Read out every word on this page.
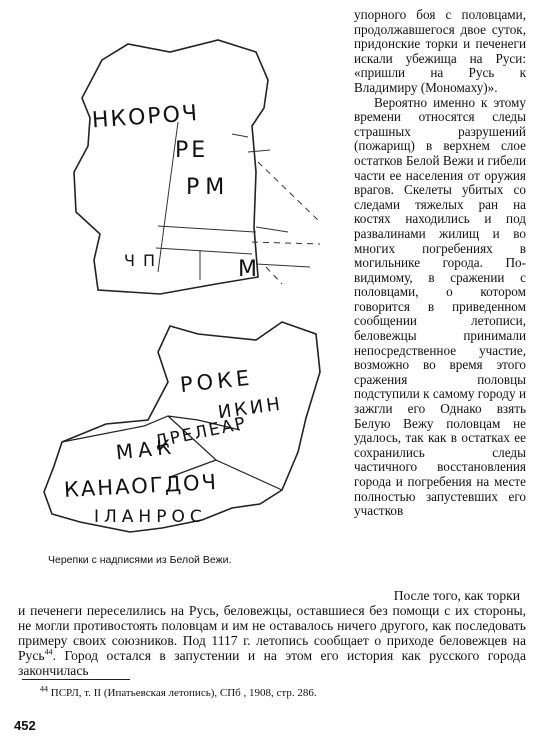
НКОРОЧ
РЕ
РМ
ЧП	М
РОКЕ
ИКИН
ДРЕЛЕАР
МАК
КАНАОГДОЧ
ІЛАНРОС
Черепки с надписями из Белой Вежи.

упорного боя с половцами, продолжавшегося двое суток, придонские торки и печенеги искали убежища на Руси: «пришли на Русь к Владимиру (Мономаху)».

Вероятно именно к этому времени относятся следы страшных разрушений (пожарищ) в верхнем слое остатков Белой Вежи и гибели части ее населения от оружия врагов. Скелеты убитых со следами тяжелых ран на костях находились и под развалинами жилищ и во многих погребениях в могильнике города. По-видимому, в сражении с половцами, о котором говорится в приведенном сообщении летописи, беловежцы принимали непосредственное участие, возможно во время этого сражения половцы подступили к самому городу и зажгли его Однако взять Белую Вежу половцам не удалось, так как в остатках ее сохранились следы частичного восстановления города и погребения на месте полностью запустевших его участков

После того, как торки

и печенеги переселились на Русь, беловежцы, оставшиеся без помощи с их стороны, не могли противостоять половцам и им не оставалось ничего другого, как последовать примеру своих союзников. Под 1117 г. летопись сообщает о приходе беловежцев на Русь$^{44}$. Город остался в запустении и на этом его история как русского города закончилась

$^{44}$ ПСРЛ, т. II (Ипатьевская летопись), СПб , 1908, стр. 286.
452
